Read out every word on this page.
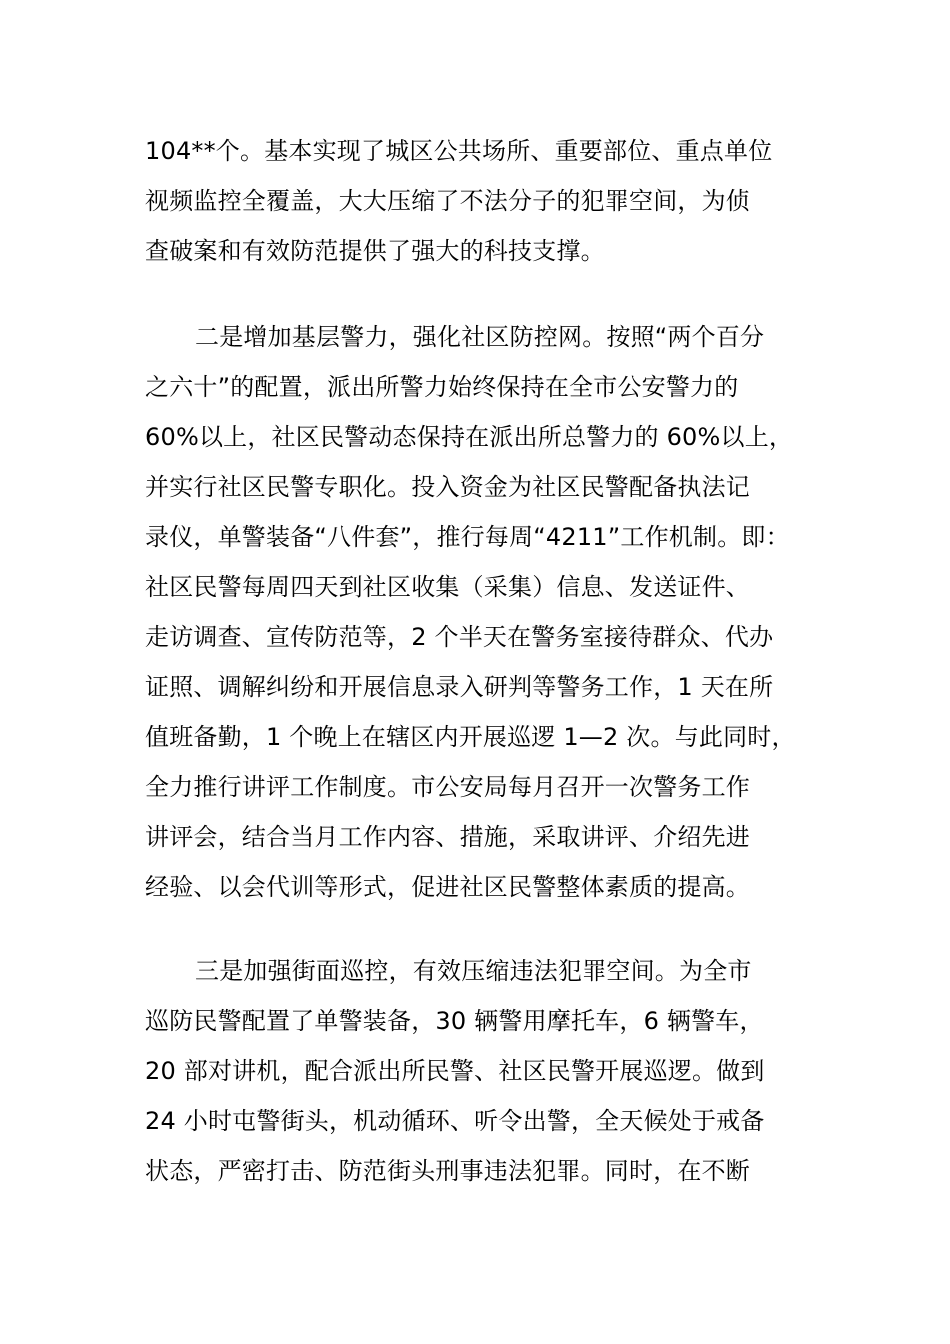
104**个。基本实现了城区公共场所、重要部位、重点单位
视频监控全覆盖，大大压缩了不法分子的犯罪空间，为侦
查破案和有效防范提供了强大的科技支撑。
二是增加基层警力，强化社区防控网。按照“两个百分
之六十”的配置，派出所警力始终保持在全市公安警力的
60%以上，社区民警动态保持在派出所总警力的 60%以上，
并实行社区民警专职化。投入资金为社区民警配备执法记
录仪，单警装备“八件套”，推行每周“4211”工作机制。即：
社区民警每周四天到社区收集（采集）信息、发送证件、
走访调查、宣传防范等，2 个半天在警务室接待群众、代办
证照、调解纠纷和开展信息录入研判等警务工作，1 天在所
值班备勤，1 个晚上在辖区内开展巡逻 1—2 次。与此同时，
全力推行讲评工作制度。市公安局每月召开一次警务工作
讲评会，结合当月工作内容、措施，采取讲评、介绍先进
经验、以会代训等形式，促进社区民警整体素质的提高。
三是加强街面巡控，有效压缩违法犯罪空间。为全市
巡防民警配置了单警装备，30 辆警用摩托车，6 辆警车，
20 部对讲机，配合派出所民警、社区民警开展巡逻。做到
24 小时屯警街头，机动循环、听令出警，全天候处于戒备
状态，严密打击、防范街头刑事违法犯罪。同时，在不断
